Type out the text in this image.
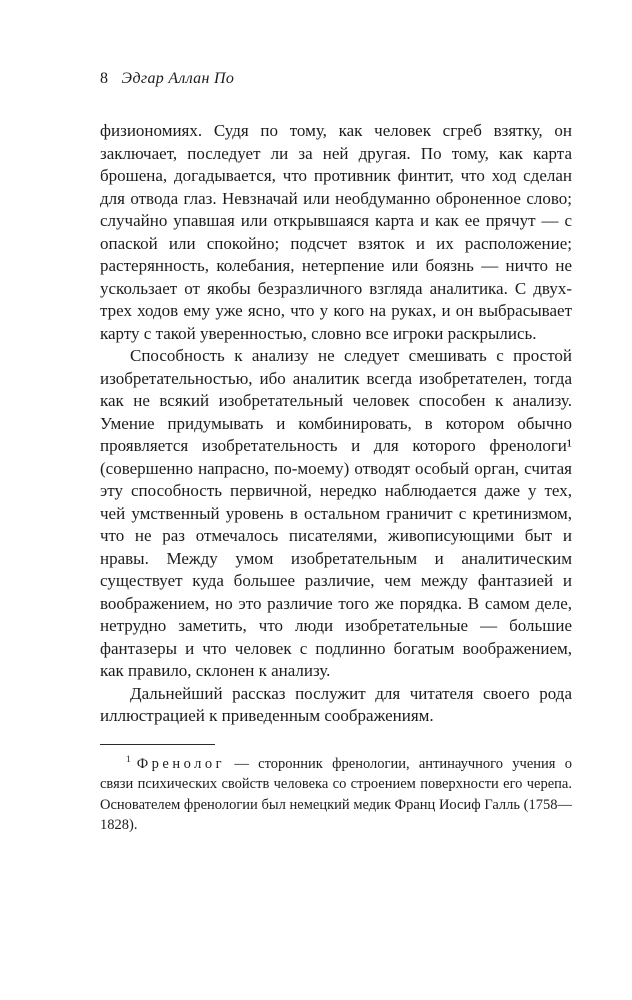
8 Эдгар Аллан По

физиономиях. Судя по тому, как человек сгреб взятку, он заключает, последует ли за ней другая. По тому, как карта брошена, догадывается, что противник финтит, что ход сделан для отвода глаз. Невзначай или необдуманно оброненное слово; случайно упавшая или открывшаяся карта и как ее прячут — с опаской или спокойно; подсчет взяток и их расположение; растерянность, колебания, нетерпение или боязнь — ничто не ускользает от якобы безразличного взгляда аналитика. С двух-трех ходов ему уже ясно, что у кого на руках, и он выбрасывает карту с такой уверенностью, словно все игроки раскрылись.

Способность к анализу не следует смешивать с простой изобретательностью, ибо аналитик всегда изобретателен, тогда как не всякий изобретательный человек способен к анализу. Умение придумывать и комбинировать, в котором обычно проявляется изобретательность и для которого френологи¹ (совершенно напрасно, по-моему) отводят особый орган, считая эту способность первичной, нередко наблюдается даже у тех, чей умственный уровень в остальном граничит с кретинизмом, что не раз отмечалось писателями, живописующими быт и нравы. Между умом изобретательным и аналитическим существует куда большее различие, чем между фантазией и воображением, но это различие того же порядка. В самом деле, нетрудно заметить, что люди изобретательные — большие фантазеры и что человек с подлинно богатым воображением, как правило, склонен к анализу.

Дальнейший рассказ послужит для читателя своего рода иллюстрацией к приведенным соображениям.

$^1$ Френолог — сторонник френологии, антинаучного учения о связи психических свойств человека со строением поверхности его черепа. Основателем френологии был немецкий медик Франц Иосиф Галль (1758—1828).
